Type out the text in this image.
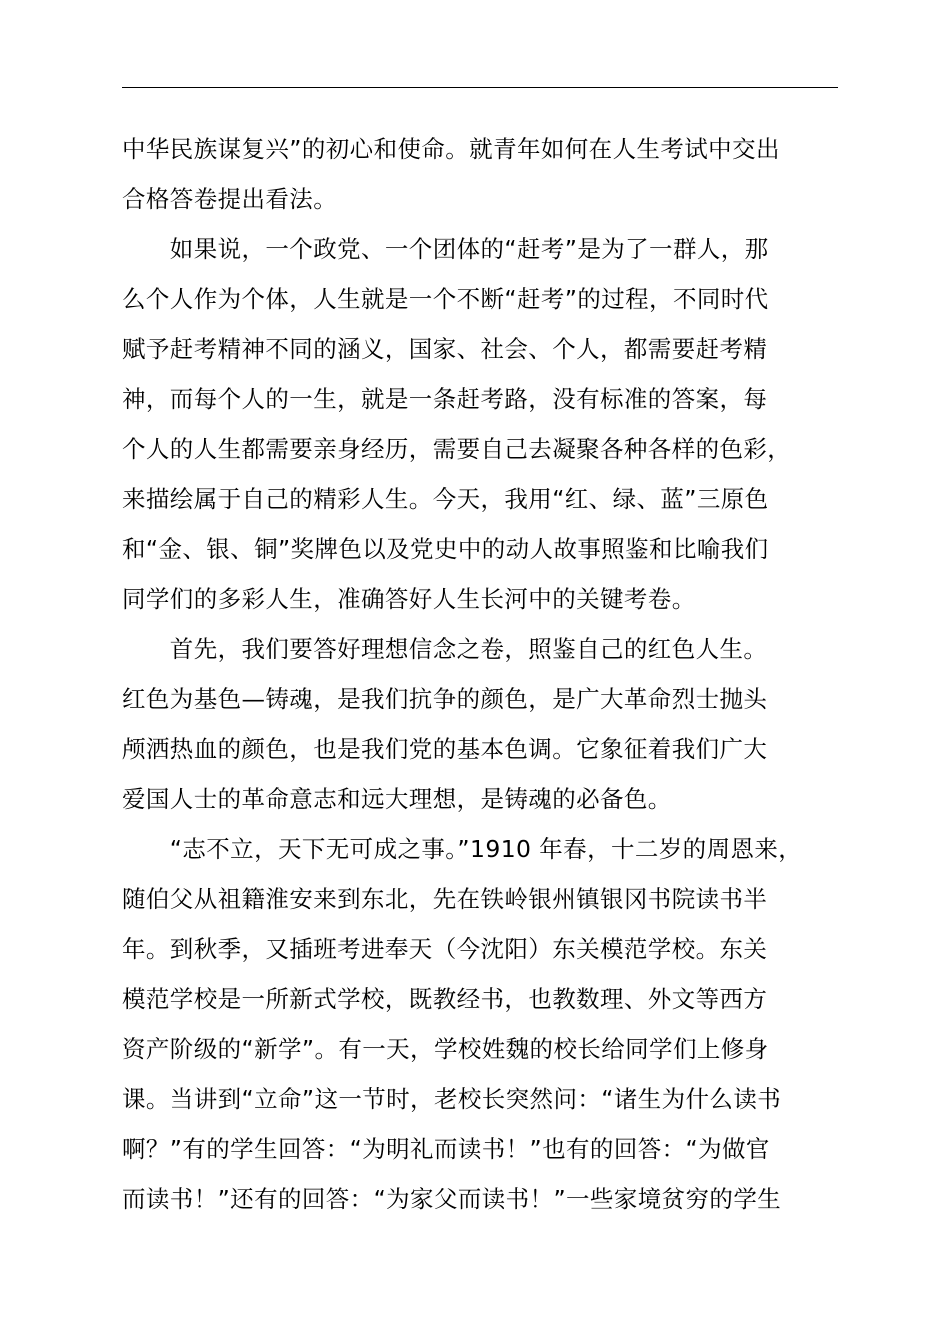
中华民族谋复兴”的初心和使命。就青年如何在人生考试中交出
合格答卷提出看法。
　　如果说，一个政党、一个团体的“赶考”是为了一群人，那
么个人作为个体，人生就是一个不断“赶考”的过程，不同时代
赋予赶考精神不同的涵义，国家、社会、个人，都需要赶考精
神，而每个人的一生，就是一条赶考路，没有标准的答案，每
个人的人生都需要亲身经历，需要自己去凝聚各种各样的色彩，
来描绘属于自己的精彩人生。今天，我用“红、绿、蓝”三原色
和“金、银、铜”奖牌色以及党史中的动人故事照鉴和比喻我们
同学们的多彩人生，准确答好人生长河中的关键考卷。
　　首先，我们要答好理想信念之卷，照鉴自己的红色人生。
红色为基色—铸魂，是我们抗争的颜色，是广大革命烈士抛头
颅洒热血的颜色，也是我们党的基本色调。它象征着我们广大
爱国人士的革命意志和远大理想，是铸魂的必备色。
　　“志不立，天下无可成之事。”1910 年春，十二岁的周恩来，
随伯父从祖籍淮安来到东北，先在铁岭银州镇银冈书院读书半
年。到秋季，又插班考进奉天（今沈阳）东关模范学校。东关
模范学校是一所新式学校，既教经书，也教数理、外文等西方
资产阶级的“新学”。有一天，学校姓魏的校长给同学们上修身
课。当讲到“立命”这一节时，老校长突然问：“诸生为什么读书
啊？”有的学生回答：“为明礼而读书！”也有的回答：“为做官
而读书！”还有的回答：“为家父而读书！”一些家境贫穷的学生
